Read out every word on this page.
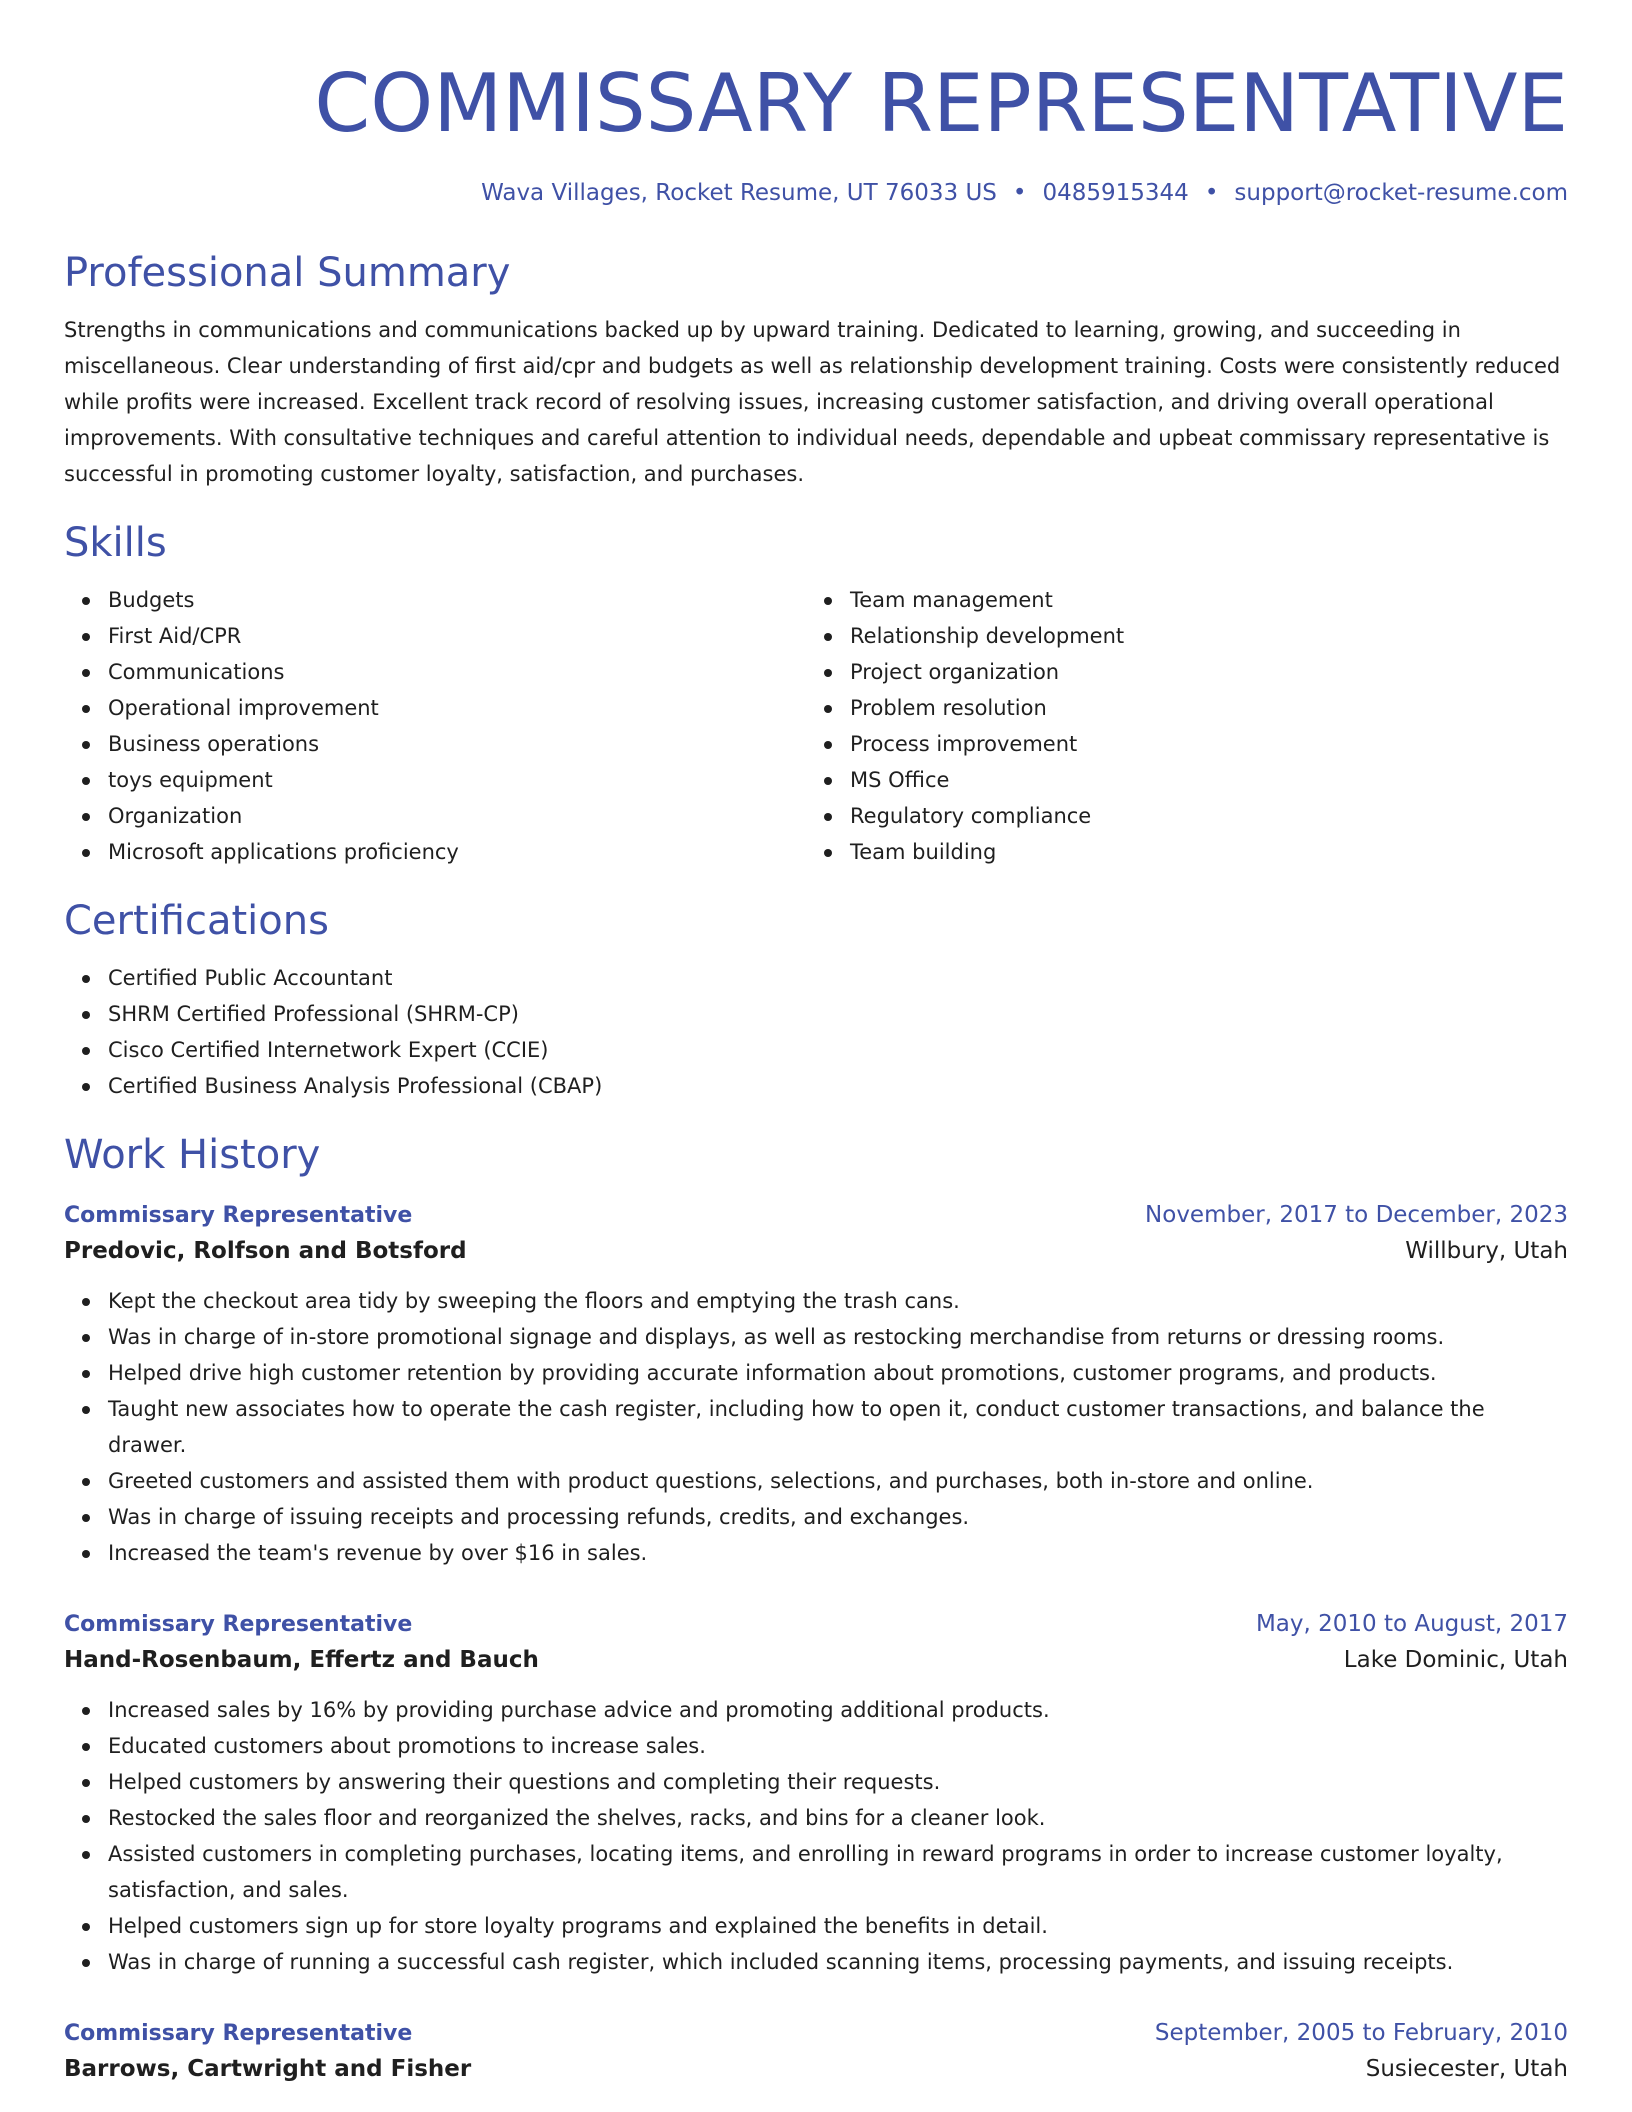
COMMISSARY REPRESENTATIVE
Wava Villages, Rocket Resume, UT 76033 US • 0485915344 • support@rocket-resume.com
Professional Summary

Strengths in communications and communications backed up by upward training. Dedicated to learning, growing, and succeeding in miscellaneous. Clear understanding of first aid/cpr and budgets as well as relationship development training. Costs were consistently reduced while profits were increased. Excellent track record of resolving issues, increasing customer satisfaction, and driving overall operational improvements. With consultative techniques and careful attention to individual needs, dependable and upbeat commissary representative is successful in promoting customer loyalty, satisfaction, and purchases.

Skills
Budgets
First Aid/CPR
Communications
Operational improvement
Business operations
toys equipment
Organization
Microsoft applications proficiency
Team management
Relationship development
Project organization
Problem resolution
Process improvement
MS Office
Regulatory compliance
Team building
Certifications
Certified Public Accountant
SHRM Certified Professional (SHRM-CP)
Cisco Certified Internetwork Expert (CCIE)
Certified Business Analysis Professional (CBAP)
Work History
Commissary Representative	November, 2017 to December, 2023
Predovic, Rolfson and Botsford	Willbury, Utah
Kept the checkout area tidy by sweeping the floors and emptying the trash cans.
Was in charge of in-store promotional signage and displays, as well as restocking merchandise from returns or dressing rooms.
Helped drive high customer retention by providing accurate information about promotions, customer programs, and products.
Taught new associates how to operate the cash register, including how to open it, conduct customer transactions, and balance the drawer.
Greeted customers and assisted them with product questions, selections, and purchases, both in-store and online.
Was in charge of issuing receipts and processing refunds, credits, and exchanges.
Increased the team's revenue by over $16 in sales.
Commissary Representative	May, 2010 to August, 2017
Hand-Rosenbaum, Effertz and Bauch	Lake Dominic, Utah
Increased sales by 16% by providing purchase advice and promoting additional products.
Educated customers about promotions to increase sales.
Helped customers by answering their questions and completing their requests.
Restocked the sales floor and reorganized the shelves, racks, and bins for a cleaner look.
Assisted customers in completing purchases, locating items, and enrolling in reward programs in order to increase customer loyalty, satisfaction, and sales.
Helped customers sign up for store loyalty programs and explained the benefits in detail.
Was in charge of running a successful cash register, which included scanning items, processing payments, and issuing receipts.
Commissary Representative	September, 2005 to February, 2010
Barrows, Cartwright and Fisher	Susiecester, Utah
